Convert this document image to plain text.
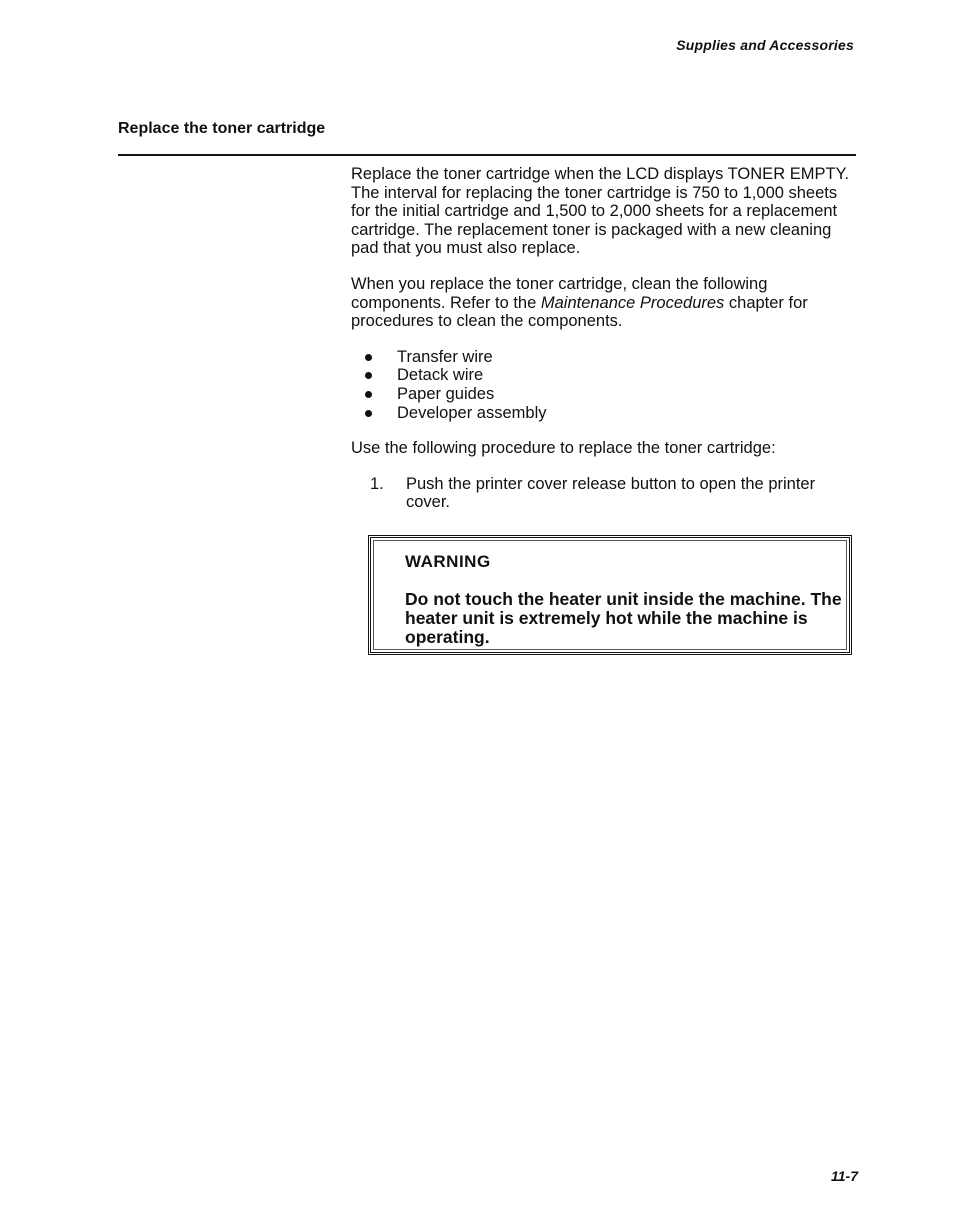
Supplies and Accessories
Replace the toner cartridge

Replace the toner cartridge when the LCD displays TONER EMPTY. The interval for replacing the toner cartridge is 750 to 1,000 sheets for the initial cartridge and 1,500 to 2,000 sheets for a replacement cartridge. The replacement toner is packaged with a new cleaning pad that you must also replace.

When you replace the toner cartridge, clean the following components. Refer to the Maintenance Procedures chapter for procedures to clean the components.

Transfer wire
Detack wire
Paper guides
Developer assembly

Use the following procedure to replace the toner cartridge:

1. Push the printer cover release button to open the printer cover.
WARNING
Do not touch the heater unit inside the machine. The heater unit is extremely hot while the machine is operating.
11-7
